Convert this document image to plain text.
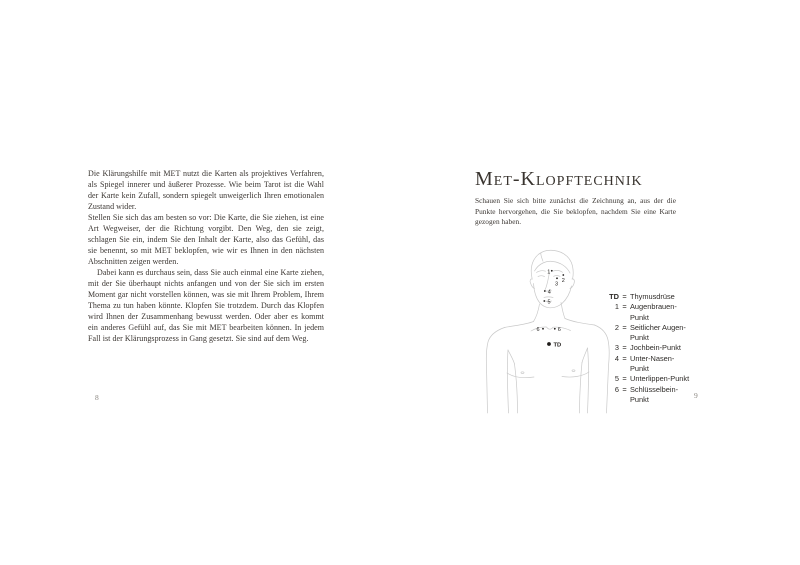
Die Klärungshilfe mit MET nutzt die Karten als projektives Verfahren, als Spiegel innerer und äußerer Prozesse. Wie beim Tarot ist die Wahl der Karte kein Zufall, sondern spiegelt unweigerlich Ihren emotionalen Zustand wider.

Stellen Sie sich das am besten so vor: Die Karte, die Sie ziehen, ist eine Art Wegweiser, der die Richtung vorgibt. Den Weg, den sie zeigt, schlagen Sie ein, indem Sie den Inhalt der Karte, also das Gefühl, das sie benennt, so mit MET beklopfen, wie wir es Ihnen in den nächsten Abschnitten zeigen werden.

Dabei kann es durchaus sein, dass Sie auch einmal eine Karte ziehen, mit der Sie überhaupt nichts anfangen und von der Sie sich im ersten Moment gar nicht vorstellen können, was sie mit Ihrem Problem, Ihrem Thema zu tun haben könnte. Klopfen Sie trotzdem. Durch das Klopfen wird Ihnen der Zusammenhang bewusst werden. Oder aber es kommt ein anderes Gefühl auf, das Sie mit MET bearbeiten können. In jedem Fall ist der Klärungsprozess in Gang gesetzt. Sie sind auf dem Weg.

8
Met-Klopftechnik

Schauen Sie sich bitte zunächst die Zeichnung an, aus der die Punkte hervorgehen, die Sie beklopfen, nachdem Sie eine Karte gezogen haben.

1
2
3
4
5
6	6
TD
TD = Thymusdrüse
1 = Augenbrauen-Punkt
2 = Seitlicher Augen-Punkt
3 = Jochbein-Punkt
4 = Unter-Nasen-Punkt
5 = Unterlippen-Punkt
6 = Schlüsselbein-Punkt	9
